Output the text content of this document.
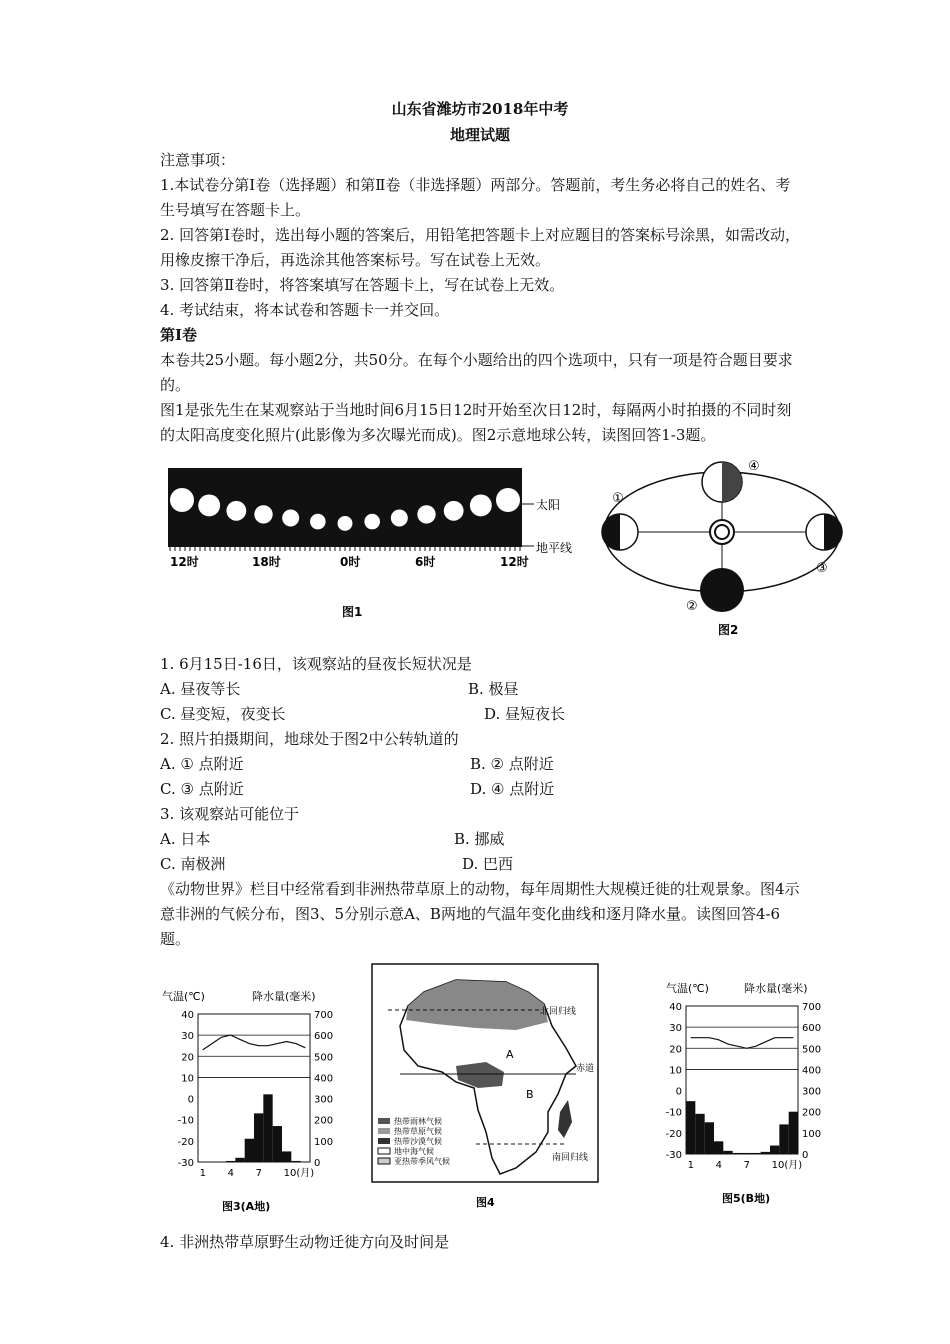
山东省潍坊市2018年中考
地理试题

注意事项：

1.本试卷分第Ⅰ卷（选择题）和第Ⅱ卷（非选择题）两部分。答题前，考生务必将自己的姓名、考生号填写在答题卡上。

2. 回答第Ⅰ卷时，选出每小题的答案后，用铅笔把答题卡上对应题目的答案标号涂黑，如需改动，用橡皮擦干净后，再选涂其他答案标号。写在试卷上无效。

3. 回答第Ⅱ卷时，将答案填写在答题卡上，写在试卷上无效。

4. 考试结束，将本试卷和答题卡一并交回。

第Ⅰ卷

本卷共25小题。每小题2分，共50分。在每个小题给出的四个选项中，只有一项是符合题目要求的。

图1是张先生在某观察站于当地时间6月15日12时开始至次日12时，每隔两小时拍摄的不同时刻的太阳高度变化照片(此影像为多次曝光而成)。图2示意地球公转，读图回答1-3题。

太阳
地平线
12时	18时	0时	6时	12时
图1
①
②
③
④
图2

1. 6月15日-16日，该观察站的昼夜长短状况是

A. 昼夜等长	B. 极昼
C. 昼变短，夜变长	D. 昼短夜长

2. 照片拍摄期间，地球处于图2中公转轨道的

A. ① 点附近	B. ② 点附近
C. ③ 点附近	D. ④ 点附近

3. 该观察站可能位于

A. 日本	B. 挪威
C. 南极洲	D. 巴西

《动物世界》栏目中经常看到非洲热带草原上的动物，每年周期性大规模迁徙的壮观景象。图4示意非洲的气候分布，图3、5分别示意A、B两地的气温年变化曲线和逐月降水量。读图回答4-6题。

气温(℃)	降水量(毫米)
40
30
20
10
0
-10
-20
-30
700
600
500
400
300
200
100
0
1 4 7 10(月)
图3(A地)
北回归线
赤道
南回归线
A
B
热带雨林气候
热带草原气候
热带沙漠气候
地中海气候
亚热带季风气候
图4
气温(℃)	降水量(毫米)
40
30
20
10
0
-10
-20
-30
700
600
500
400
300
200
100
0
1 4 7 10(月)
图5(B地)

4. 非洲热带草原野生动物迁徙方向及时间是
